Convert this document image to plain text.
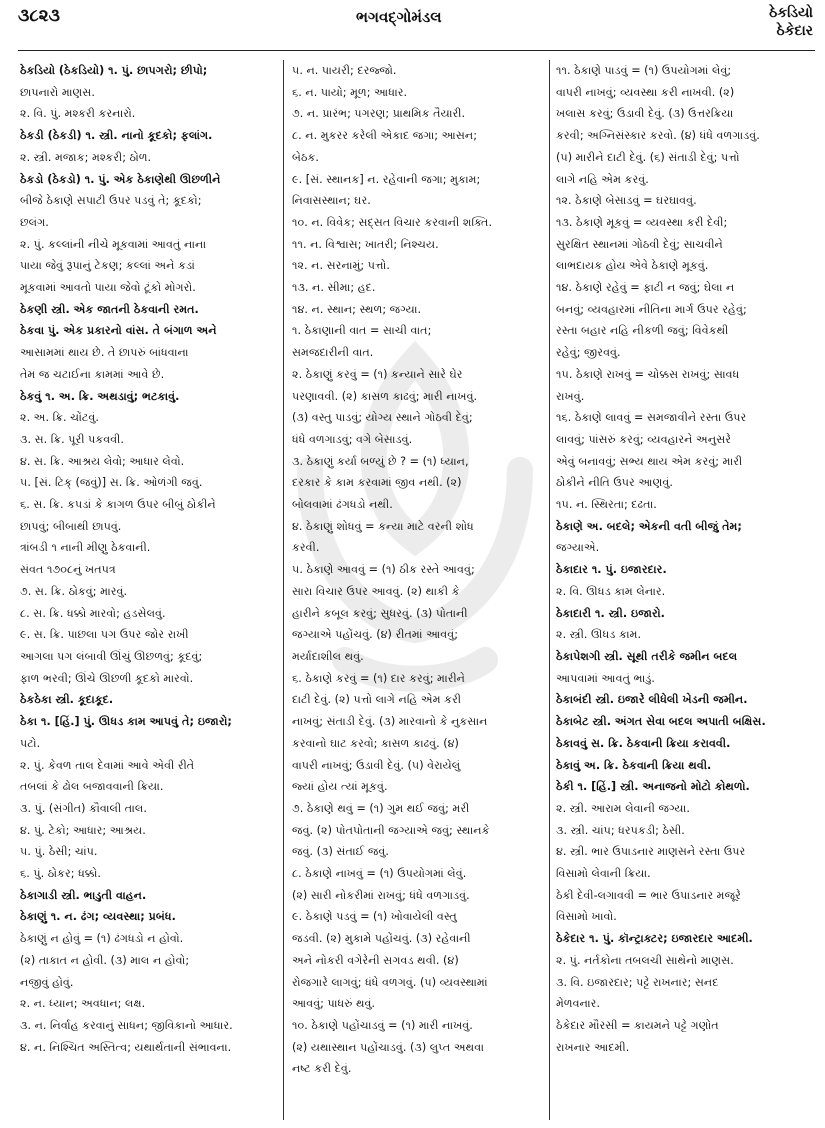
૩૮૨૩	ભગવદ્ગોમંડલ	ઠેકડિયો
ઠેકેદાર
ઠેકડિયો (ઠેકડિયો) ૧. પું. છાપગરો; છીપો;
છાપનારો માણસ.
૨. વિ. પું. મશ્કરી કરનારો.
ઠેકડી (ઠેકડી) ૧. સ્ત્રી. નાનો કૂદકો; ફલાંગ.
૨. સ્ત્રી. મજાક; મશ્કરી; ઠોળ.
ઠેકડો (ઠેકડો) ૧. પું. એક ઠેકાણેથી ઊછળીને
બીજે ઠેકાણે સપાટી ઉપર પડવું તે; કૂદકો;
છલંગ.
૨. પું. કલ્લાંની નીચે મૂકવામાં આવતું નાના
પાયા જેવું રૂપાનું ટેકણ; કલ્લાં અને કડાં
મૂકવામાં આવતો પાયા જેવો ટૂંકો મોગરો.
ઠેકણી સ્ત્રી. એક જાતની ઠેકવાની રમત.
ઠેકવા પું. એક પ્રકારનો વાંસ. તે બંગાળ અને
આસામમાં થાય છે. તે છાપરું બાંધવાના
તેમ જ ચટાઈના કામમાં આવે છે.
ઠેકવું ૧. અ. ક્રિ. અથડાવું; ભટકાવું.
૨. અ. ક્રિ. ચોંટવું.
૩. સ. ક્રિ. પૂરી પકવવી.
૪. સ. ક્રિ. આશ્રય લેવો; આધાર લેવો.
૫. [સં. ટિક્ (જવું)] સ. ક્રિ. ઓળંગી જવું.
૬. સ. ક્રિ. કપડાં કે કાગળ ઉપર બીબું ઠોકીને
છાપવું; બીબાથી છાપવું.
ત્રાંબડી ૧ નાની મીણુ ઠેકવાની.
સંવત ૧૭૦૮નું ખતપત્ર
૭. સ. ક્રિ. ઠોકવું; મારવું.
૮. સ. ક્રિ. ધક્કો મારવો; હડસેલવું.
૯. સ. ક્રિ. પાછલા પગ ઉપર જોર રાખી
આગલા પગ લંબાવી ઊંચું ઊછળવું; કૂદવું;
ફાળ ભરવી; ઊંચે ઊછળી કૂદકો મારવો.
ઠેકઠેકા સ્ત્રી. કૂદાકૂદ.
ઠેકા ૧. [હિં.] પું. ઊધડ કામ આપવું તે; ઇજારો;
પટો.
૨. પું. કેવળ તાલ દેવામાં આવે એવી રીતે
તબલાં કે ઢોલ બજાવવાની ક્રિયા.
૩. પું. (સંગીત) કૌવાલી તાલ.
૪. પું. ટેકો; આધાર; આશ્રય.
૫. પું. ઠેસી; ચાંપ.
૬. પું. ઠોકર; ધક્કો.
ઠેકાગાડી સ્ત્રી. ભાડુતી વાહન.
ઠેકાણું ૧. ન. ઢંગ; વ્યવસ્થા; પ્રબંધ.
ઠેકાણું ન હોવું = (૧) ઢંગધડો ન હોવો.
(૨) તાકાત ન હોવી. (૩) માલ ન હોવો;
નજીવું હોવું.
૨. ન. ધ્યાન; અવધાન; લક્ષ.
૩. ન. નિર્વાહ કરવાનું સાધન; જીવિકાનો આધાર.
૪. ન. નિશ્ચિત અસ્તિત્વ; યથાર્થતાની સંભાવના.
૫. ન. પાયરી; દરજ્જો.
૬. ન. પાયો; મૂળ; આધાર.
૭. ન. પ્રારંભ; પગરણ; પ્રાથમિક તૈયારી.
૮. ન. મુકરર કરેલી એકાદ જગા; આસન;
બેઠક.
૯. [સં. સ્થાનક] ન. રહેવાની જગા; મુકામ;
નિવાસસ્થાન; ઘર.
૧૦. ન. વિવેક; સદ્સત વિચાર કરવાની શક્તિ.
૧૧. ન. વિશ્વાસ; ખાતરી; નિશ્ચય.
૧૨. ન. સરનામું; પત્તો.
૧૩. ન. સીમા; હદ.
૧૪. ન. સ્થાન; સ્થળ; જગ્યા.
૧. ઠેકાણાની વાત = સાચી વાત;
સમજદારીની વાત.
૨. ઠેકાણું કરવું = (૧) કન્યાને સારે ઘેર
પરણાવવી. (૨) કાસળ કાઢવું; મારી નાખવું.
(૩) વસ્તુ પાડવું; યોગ્ય સ્થાને ગોઠવી દેવું;
ધંધે વળગાડવું; વગે બેસાડવું.
૩. ઠેકાણું કર્યા બળ્યું છે ? = (૧) ધ્યાન,
દરકાર કે કામ કરવામાં જીવ નથી. (૨)
બોલવામાં ઢંગધડો નથી.
૪. ઠેકાણું શોધવું = કન્યા માટે વરની શોધ
કરવી.
૫. ઠેકાણે આવવું = (૧) ઠીક રસ્તે આવવું;
સારા વિચાર ઉપર આવવું. (૨) થાકી કે
હારીને કબૂલ કરવું; સુધરવું. (૩) પોતાની
જગ્યાએ પહોંચવું. (૪) રીતમાં આવવું;
મર્યાદાશીલ થવું.
૬. ઠેકાણે કરવું = (૧) દાર કરવું; મારીને
દાટી દેવું. (૨) પત્તો લાગે નહિ એમ કરી
નાખવું; સંતાડી દેવું. (૩) મારવાનો કે નુકસાન
કરવાનો ઘાટ કરવો; કાસળ કાઢવું. (૪)
વાપરી નાખવું; ઉડાવી દેવું. (૫) વેરાયેલું
જ્યાં હોય ત્યાં મૂકવું.
૭. ઠેકાણે થવું = (૧) ગુમ થઈ જવું; મરી
જવું. (૨) પોતપોતાની જગ્યાએ જવું; સ્થાનકે
જવું. (૩) સંતાઈ જવું.
૮. ઠેકાણે નાખવું = (૧) ઉપયોગમાં લેવું.
(૨) સારી નોકરીમાં રાખવું; ધંધે વળગાડવું.
૯. ઠેકાણે પડવું = (૧) ખોવાયેલી વસ્તુ
જડવી. (૨) મુકામે પહોંચવું. (૩) રહેવાની
અને નોકરી વગેરેની સગવડ થવી. (૪)
રોજગારે લાગવું; ધંધે વળગવું. (૫) વ્યવસ્થામાં
આવવું; પાધરું થવું.
૧૦. ઠેકાણે પહોંચાડવું = (૧) મારી નાખવું.
(૨) યથાસ્થાન પહોંચાડવું. (૩) લુપ્ત અથવા
નષ્ટ કરી દેવું.
૧૧. ઠેકાણે પાડવું = (૧) ઉપયોગમાં લેવું;
વાપરી નાખવું; વ્યવસ્થા કરી નાખવી. (૨)
ખલાસ કરવું; ઉડાવી દેવું. (૩) ઉત્તરક્રિયા
કરવી; અગ્નિસંસ્કાર કરવો. (૪) ધંધે વળગાડવું.
(૫) મારીને દાટી દેવું. (૬) સંતાડી દેવું; પત્તો
લાગે નહિ એમ કરવું.
૧૨. ઠેકાણે બેસાડવું = ઘરઘાવવું.
૧૩. ઠેકાણે મૂકવું = વ્યવસ્થા કરી દેવી;
સુરક્ષિત સ્થાનમાં ગોઠવી દેવું; સાચવીને
લાભદાયક હોય એવે ઠેકાણે મૂકવું.
૧૪. ઠેકાણે રહેવું = ફાટી ન જવું; ઘેલા ન
બનવું; વ્યવહારમાં નીતિના માર્ગ ઉપર રહેવું;
રસ્તા બહાર નહિ નીકળી જવું; વિવેકથી
રહેવું; જીરવવું.
૧૫. ઠેકાણે રાખવું = ચોક્કસ રાખવું; સાવધ
રાખવું.
૧૬. ઠેકાણે લાવવું = સમજાવીને રસ્તા ઉપર
લાવવું; પાંસરું કરવું; વ્યવહારને અનુસરે
એવું બનાવવું; સભ્ય થાય એમ કરવું; મારી
ઠોકીને નીતિ ઉપર આણવું.
૧૫. ન. સ્થિરતા; દઢતા.
ઠેકાણે અ. બદલે; એકની વતી બીજું તેમ;
જગ્યાએ.
ઠેકાદાર ૧. પું. ઇજારદાર.
૨. વિ. ઊધડ કામ લેનાર.
ઠેકાદારી ૧. સ્ત્રી. ઇજારો.
૨. સ્ત્રી. ઊધડ કામ.
ઠેકાપેશગી સ્ત્રી. સૂથી તરીકે જમીન બદલ
આપવામાં આવતું ભાડું.
ઠેકાબંદી સ્ત્રી. ઇજારે લીધેલી ખેડની જમીન.
ઠેકાબેટ સ્ત્રી. અંગત સેવા બદલ અપાતી બક્ષિસ.
ઠેકાવવું સ. ક્રિ. ઠેકવાની ક્રિયા કરાવવી.
ઠેકાવું અ. ક્રિ. ઠેકવાની ક્રિયા થવી.
ઠેકી ૧. [હિં.] સ્ત્રી. અનાજનો મોટો કોથળો.
૨. સ્ત્રી. આરામ લેવાની જગ્યા.
૩. સ્ત્રી. ચાંપ; ધરપકડી; ઠેસી.
૪. સ્ત્રી. ભાર ઉપાડનાર માણસને રસ્તા ઉપર
વિસામો લેવાની ક્રિયા.
ઠેકી દેવી-લગાવવી = ભાર ઉપાડનાર મજૂરે
વિસામો ખાવો.
ઠેકેદાર ૧. પું. કૉન્ટ્રાક્ટર; ઇજારદાર આદમી.
૨. પું. નર્તકોના તબલચી સાથેનો માણસ.
૩. વિ. ઇજારદાર; પટ્ટે રાખનાર; સનદ
મેળવનાર.
ઠેકેદાર મૌરસી = કાયમને પટ્ટે ગણોત
રાખનાર આદમી.
